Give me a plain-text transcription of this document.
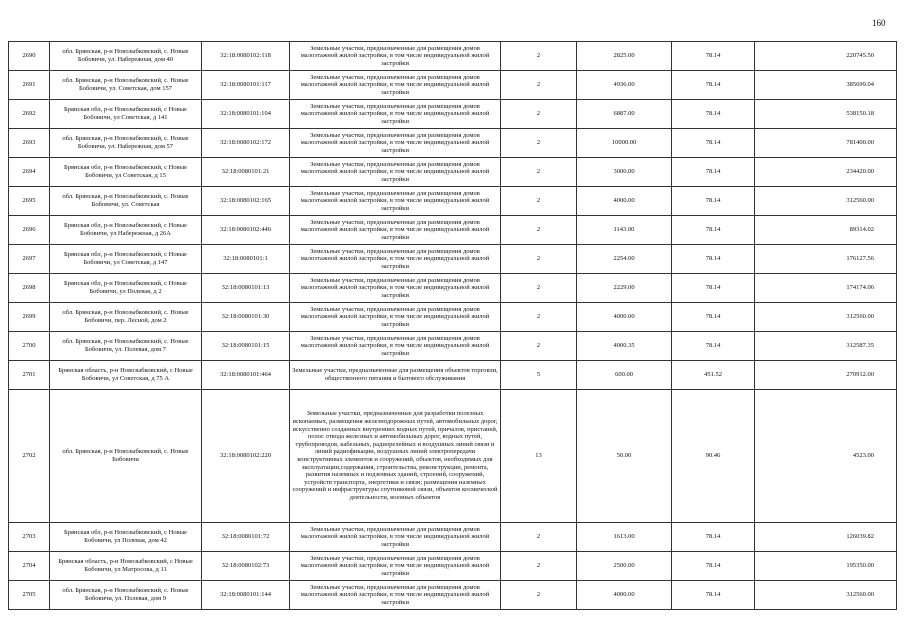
160
2690	обл. Брянская, р-н Новозыбковский, с. Новые Бобовичи, ул. Набережная, дом 40	32:18:0080102:118	Земельные участки, предназначенные для размещения домов малоэтажной жилой застройки, в том числе индивидуальной жилой застройки	2	2825.00	78.14	220745.50
2691	обл. Брянская, р-н Новозыбковский, с. Новые Бобовичи, ул. Советская, дом 157	32:18:0080101:117	Земельные участки, предназначенные для размещения домов малоэтажной жилой застройки, в том числе индивидуальной жилой застройки	2	4936.00	78.14	385699.04
2692	Брянская обл, р-н Новозыбковский, с Новые Бобовичи, ул Советская, д 141	32:18:0080101:104	Земельные участки, предназначенные для размещения домов малоэтажной жилой застройки, в том числе индивидуальной жилой застройки	2	6887.00	78.14	538150.18
2693	обл. Брянская, р-н Новозыбковский, с. Новые Бобовичи, ул. Набережная, дом 57	32:18:0080102:172	Земельные участки, предназначенные для размещения домов малоэтажной жилой застройки, в том числе индивидуальной жилой застройки	2	10000.00	78.14	781400.00
2694	Брянская обл, р-н Новозыбковский, с Новые Бобовичи, ул Советская, д 15	32:18:0080101:21	Земельные участки, предназначенные для размещения домов малоэтажной жилой застройки, в том числе индивидуальной жилой застройки	2	3000.00	78.14	234420.00
2695	обл. Брянская, р-н Новозыбковский, с. Новые Бобовичи, ул. Советская	32:18:0080102:165	Земельные участки, предназначенные для размещения домов малоэтажной жилой застройки, в том числе индивидуальной жилой застройки	2	4000.00	78.14	312560.00
2696	Брянская обл, р-н Новозыбковский, с Новые Бобовичи, ул Набережная, д 26А	32:18:0080102:446	Земельные участки, предназначенные для размещения домов малоэтажной жилой застройки, в том числе индивидуальной жилой застройки	2	1143.00	78.14	89314.02
2697	Брянская обл, р-н Новозыбковский, с Новые Бобовичи, ул Советская, д 147	32:18:0080101:1	Земельные участки, предназначенные для размещения домов малоэтажной жилой застройки, в том числе индивидуальной жилой застройки	2	2254.00	78.14	176127.56
2698	Брянская обл, р-н Новозыбковский, с Новые Бобовичи, ул Полевая, д 2	32:18:0080101:13	Земельные участки, предназначенные для размещения домов малоэтажной жилой застройки, в том числе индивидуальной жилой застройки	2	2229.00	78.14	174174.06
2699	обл. Брянская, р-н Новозыбковский, с. Новые Бобовичи, пер. Лесной, дом 2	32:18:0080101:30	Земельные участки, предназначенные для размещения домов малоэтажной жилой застройки, в том числе индивидуальной жилой застройки	2	4000.00	78.14	312560.00
2700	обл. Брянская, р-н Новозыбковский, с. Новые Бобовичи, ул. Полевая, дом 7	32:18:0080101:15	Земельные участки, предназначенные для размещения домов малоэтажной жилой застройки, в том числе индивидуальной жилой застройки	2	4000.35	78.14	312587.35
2701	Брянская область, р-н Новозыбковский, с Новые Бобовичи, ул Советская, д 75 А	32:18:0080101:464	Земельные участки, предназначенные для размещения объектов торговли, общественного питания и бытового обслуживания	5	600.00	451.52	270912.00
2702	обл. Брянская, р-н Новозыбковский, с. Новые Бобовичи	32:18:0080102:220	Земельные участки, предназначенные для разработки полезных ископаемых, размещения железнодорожных путей, автомобильных дорог, искусственно созданных внутренних водных путей, причалов, пристаней, полос отвода железных и автомобильных дорог, водных путей, трубопроводов, кабельных, радиорелейных и воздушных линий связи и линий радиофикации, воздушных линий электропередачи конструктивных элементов и сооружений, объектов, необходимых для эксплуатации,содержания, строительства, реконструкции, ремонта, развития наземных и подземных зданий, строений, сооружений, устройств транспорта, энергетики и связи; размещения наземных сооружений и инфраструктуры спутниковой связи, объектов космической деятельности, военных объектов	13	50.00	90.46	4523.00
2703	Брянская обл, р-н Новозыбковский, с Новые Бобовичи, ул Полевая, дом 42	32:18:0080101:72	Земельные участки, предназначенные для размещения домов малоэтажной жилой застройки, в том числе индивидуальной жилой застройки	2	1613.00	78.14	126039.82
2704	Брянская область, р-н Новозыбковский, с Новые Бобовичи, ул Матросова, д 11	32:18:0080102:73	Земельные участки, предназначенные для размещения домов малоэтажной жилой застройки, в том числе индивидуальной жилой застройки	2	2500.00	78.14	195350.00
2705	обл. Брянская, р-н Новозыбковский, с. Новые Бобовичи, ул. Полевая, дом 9	32:18:0080101:144	Земельные участки, предназначенные для размещения домов малоэтажной жилой застройки, в том числе индивидуальной жилой застройки	2	4000.00	78.14	312560.00
